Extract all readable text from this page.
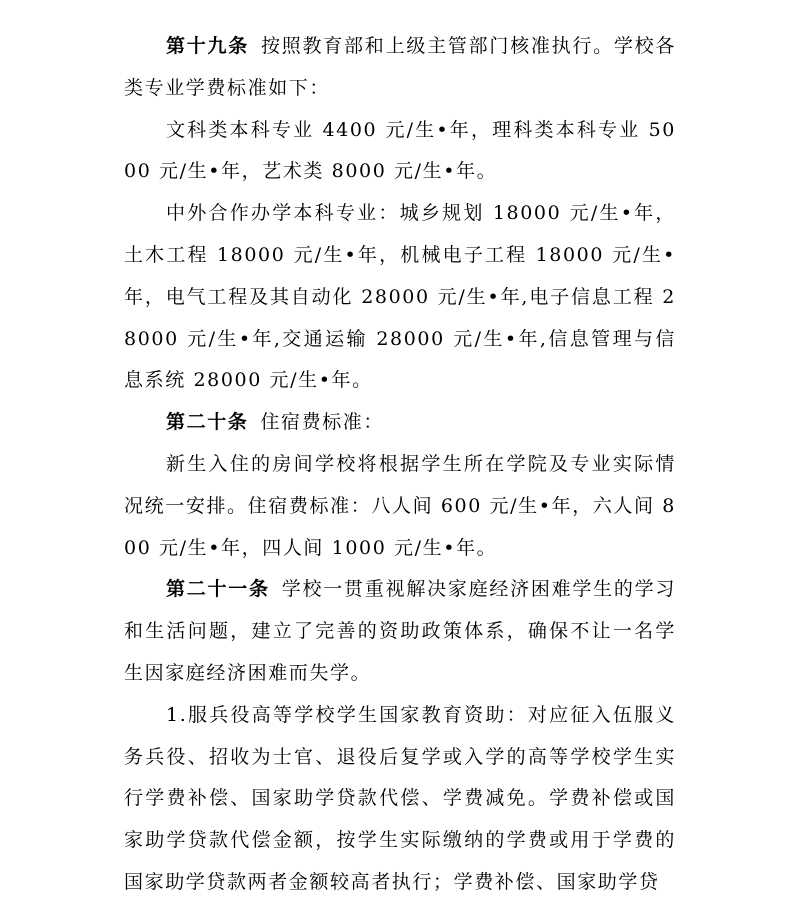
第十九条 按照教育部和上级主管部门核准执行。学校各类专业学费标准如下：

文科类本科专业 4400 元/生•年，理科类本科专业 5000 元/生•年，艺术类 8000 元/生•年。

中外合作办学本科专业：城乡规划 18000 元/生•年，土木工程 18000 元/生•年，机械电子工程 18000 元/生•年，电气工程及其自动化 28000 元/生•年,电子信息工程 28000 元/生•年,交通运输 28000 元/生•年,信息管理与信息系统 28000 元/生•年。

第二十条 住宿费标准：

新生入住的房间学校将根据学生所在学院及专业实际情况统一安排。住宿费标准：八人间 600 元/生•年，六人间 800 元/生•年，四人间 1000 元/生•年。

第二十一条 学校一贯重视解决家庭经济困难学生的学习和生活问题，建立了完善的资助政策体系，确保不让一名学生因家庭经济困难而失学。

1.服兵役高等学校学生国家教育资助：对应征入伍服义务兵役、招收为士官、退役后复学或入学的高等学校学生实行学费补偿、国家助学贷款代偿、学费减免。学费补偿或国家助学贷款代偿金额，按学生实际缴纳的学费或用于学费的国家助学贷款两者金额较高者执行；学费补偿、国家助学贷
